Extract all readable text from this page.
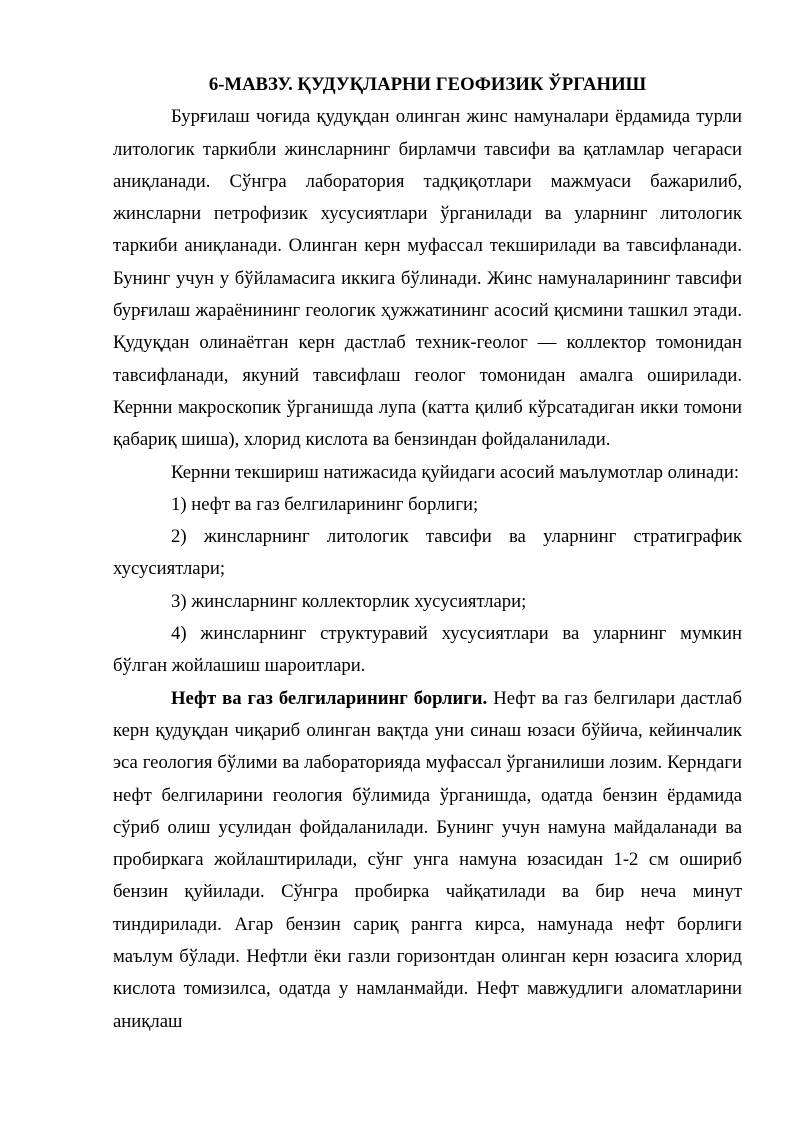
6-МАВЗУ. ҚУДУҚЛАРНИ ГЕОФИЗИК ЎРГАНИШ

Бурғилаш чоғида қудуқдан олинган жинс намуналари ёрдамида турли литологик таркибли жинсларнинг бирламчи тавсифи ва қатламлар чегараси аниқланади. Сўнгра лаборатория тадқиқотлари мажмуаси бажарилиб, жинсларни петрофизик хусусиятлари ўрганилади ва уларнинг литологик таркиби аниқланади. Олинган керн муфассал текширилади ва тавсифланади. Бунинг учун у бўйламасига иккига бўлинади. Жинс намуналарининг тавсифи бурғилаш жараёнининг геологик ҳужжатининг асосий қисмини ташкил этади. Қудуқдан олинаётган керн дастлаб техник-геолог — коллектор томонидан тавсифланади, якуний тавсифлаш геолог томонидан амалга оширилади. Кернни макроскопик ўрганишда лупа (катта қилиб кўрсатадиган икки томони қабариқ шиша), хлорид кислота ва бензиндан фойдаланилади.

Кернни текшириш натижасида қуйидаги асосий маълумотлар олинади:

1) нефт ва газ белгиларининг борлиги;

2) жинсларнинг литологик тавсифи ва уларнинг стратиграфик хусусиятлари;

3) жинсларнинг коллекторлик хусусиятлари;

4) жинсларнинг структуравий хусусиятлари ва уларнинг мумкин бўлган жойлашиш шароитлари.

Нефт ва газ белгиларининг борлиги. Нефт ва газ белгилари дастлаб керн қудуқдан чиқариб олинган вақтда уни синаш юзаси бўйича, кейинчалик эса геология бўлими ва лабораторияда муфассал ўрганилиши лозим. Керндаги нефт белгиларини геология бўлимида ўрганишда, одатда бензин ёрдамида сўриб олиш усулидан фойдаланилади. Бунинг учун намуна майдаланади ва пробиркага жойлаштирилади, сўнг унга намуна юзасидан 1-2 см ошириб бензин қуйилади. Сўнгра пробирка чайқатилади ва бир неча минут тиндирилади. Агар бензин сариқ рангга кирса, намунада нефт борлиги маълум бўлади. Нефтли ёки газли горизонтдан олинган керн юзасига хлорид кислота томизилса, одатда у намланмайди. Нефт мавжудлиги аломатларини аниқлаш
